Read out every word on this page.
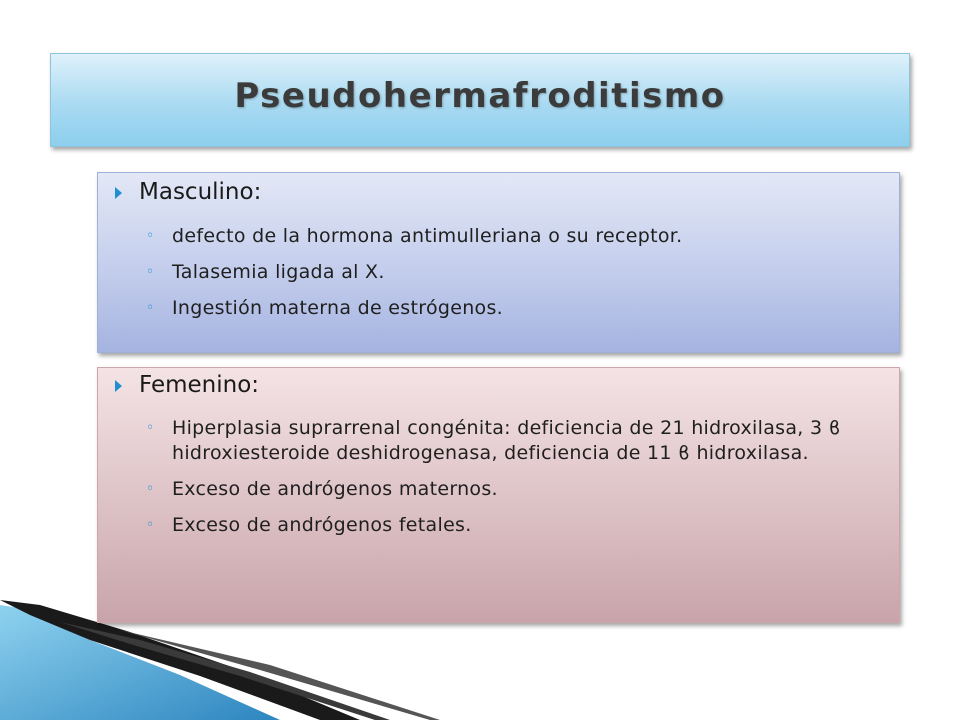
Pseudohermafroditismo
Masculino:
◦ defecto de la hormona antimulleriana o su receptor.
◦ Talasemia ligada al X.
◦ Ingestión materna de estrógenos.
Femenino:
◦ Hiperplasia suprarrenal congénita: deficiencia de 21 hidroxilasa, 3 ϐ hidroxiesteroide deshidrogenasa, deficiencia de 11 ϐ hidroxilasa.
◦ Exceso de andrógenos maternos.
◦ Exceso de andrógenos fetales.
